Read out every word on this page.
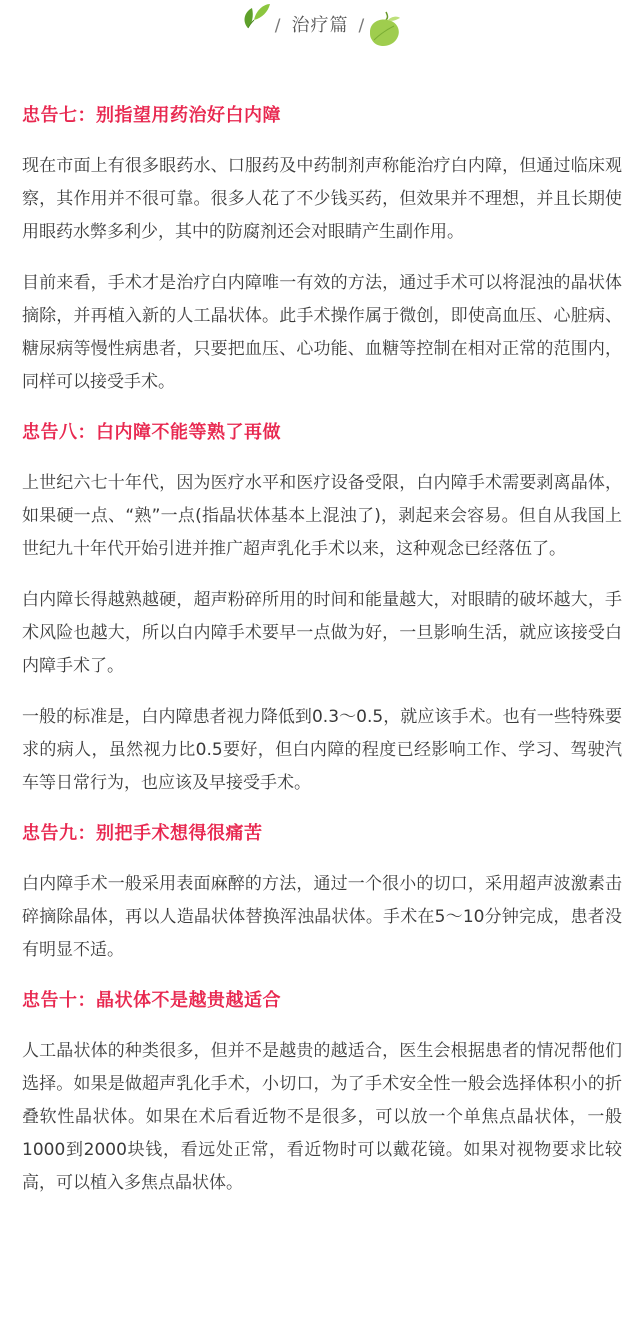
/ 治疗篇 /
忠告七：别指望用药治好白内障

现在市面上有很多眼药水、口服药及中药制剂声称能治疗白内障，但通过临床观察，其作用并不很可靠。很多人花了不少钱买药，但效果并不理想，并且长期使用眼药水弊多利少，其中的防腐剂还会对眼睛产生副作用。

目前来看，手术才是治疗白内障唯一有效的方法，通过手术可以将混浊的晶状体摘除，并再植入新的人工晶状体。此手术操作属于微创，即使高血压、心脏病、糖尿病等慢性病患者，只要把血压、心功能、血糖等控制在相对正常的范围内，同样可以接受手术。

忠告八：白内障不能等熟了再做

上世纪六七十年代，因为医疗水平和医疗设备受限，白内障手术需要剥离晶体，如果硬一点、“熟”一点(指晶状体基本上混浊了)，剥起来会容易。但自从我国上世纪九十年代开始引进并推广超声乳化手术以来，这种观念已经落伍了。

白内障长得越熟越硬，超声粉碎所用的时间和能量越大，对眼睛的破坏越大，手术风险也越大，所以白内障手术要早一点做为好，一旦影响生活，就应该接受白内障手术了。

一般的标准是，白内障患者视力降低到0.3～0.5，就应该手术。也有一些特殊要求的病人，虽然视力比0.5要好，但白内障的程度已经影响工作、学习、驾驶汽车等日常行为，也应该及早接受手术。

忠告九：别把手术想得很痛苦

白内障手术一般采用表面麻醉的方法，通过一个很小的切口，采用超声波激素击碎摘除晶体，再以人造晶状体替换浑浊晶状体。手术在5～10分钟完成，患者没有明显不适。

忠告十：晶状体不是越贵越适合

人工晶状体的种类很多，但并不是越贵的越适合，医生会根据患者的情况帮他们选择。如果是做超声乳化手术，小切口，为了手术安全性一般会选择体积小的折叠软性晶状体。如果在术后看近物不是很多，可以放一个单焦点晶状体，一般1000到2000块钱，看远处正常，看近物时可以戴花镜。如果对视物要求比较高，可以植入多焦点晶状体。
